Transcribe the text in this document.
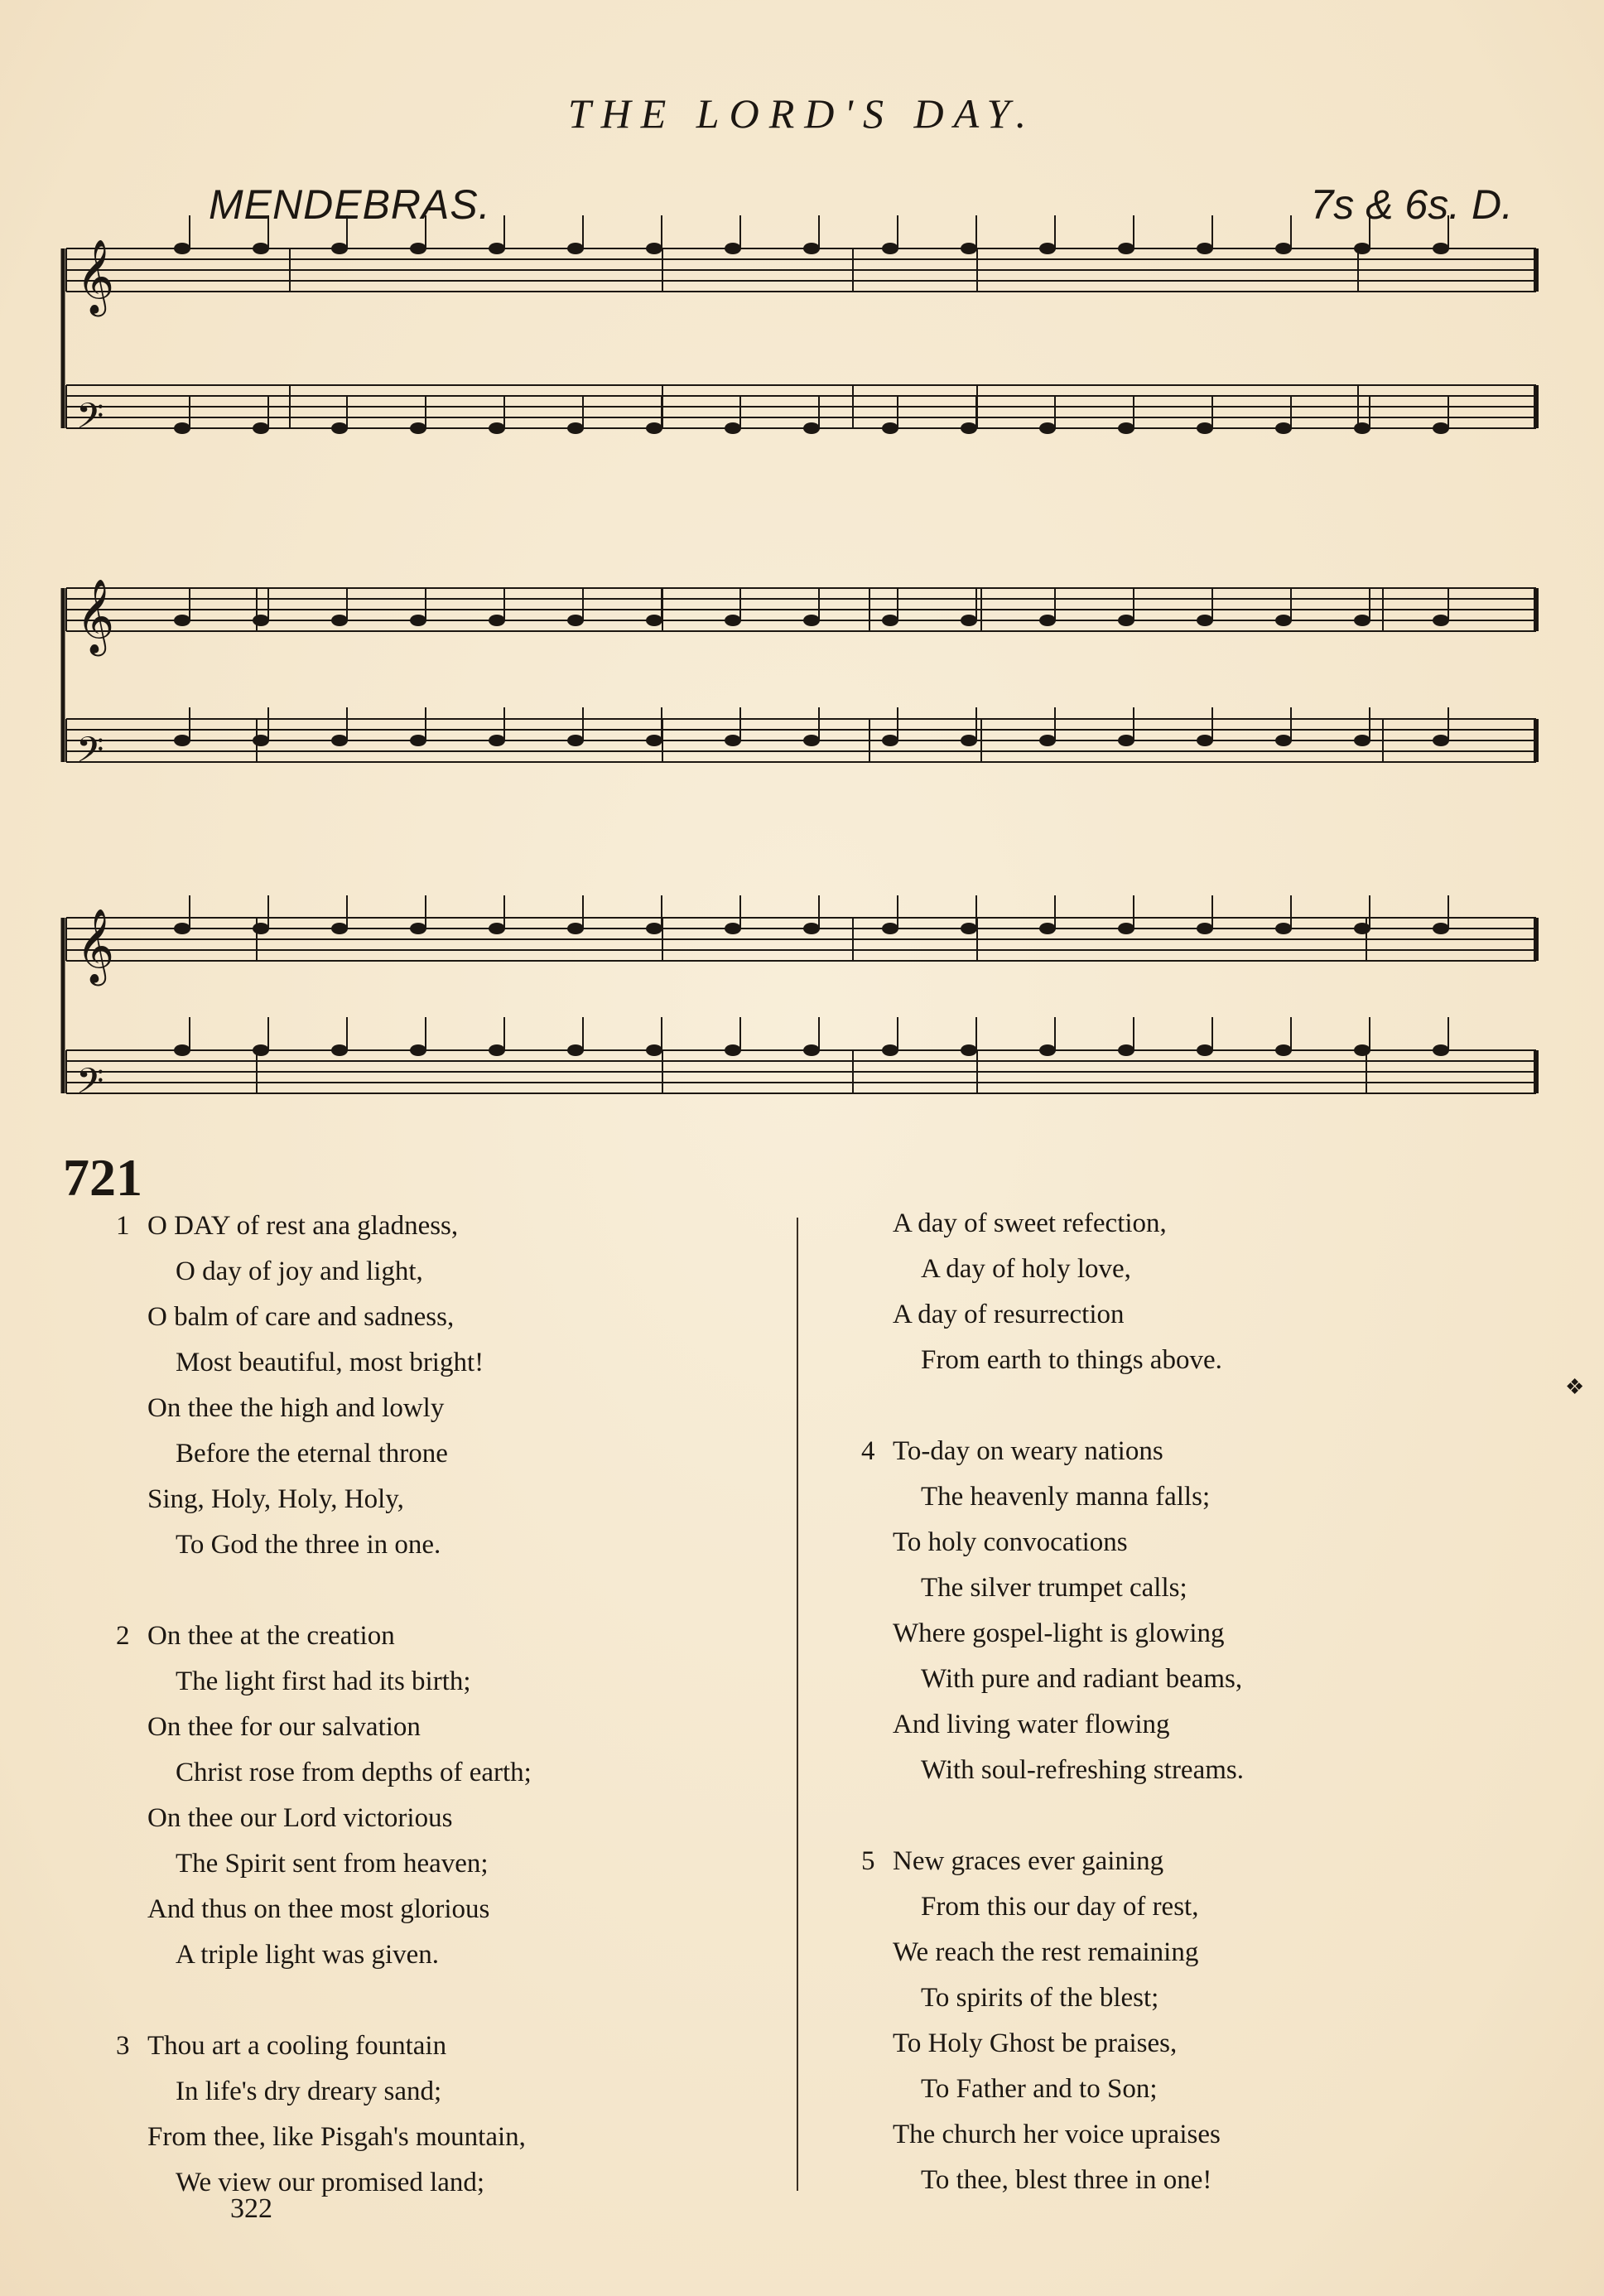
THE LORD'S DAY.
MENDEBRAS.	7s & 6s. D.
𝄞
𝄢
𝄞
𝄢
𝄞
𝄢
721
1 O DAY of rest ana gladness,
O day of joy and light,
O balm of care and sadness,
Most beautiful, most bright!
On thee the high and lowly
Before the eternal throne
Sing, Holy, Holy, Holy,
To God the three in one.
2 On thee at the creation
The light first had its birth;
On thee for our salvation
Christ rose from depths of earth;
On thee our Lord victorious
The Spirit sent from heaven;
And thus on thee most glorious
A triple light was given.
3 Thou art a cooling fountain
In life's dry dreary sand;
From thee, like Pisgah's mountain,
We view our promised land;
A day of sweet refection,
A day of holy love,
A day of resurrection
From earth to things above.
4 To-day on weary nations
The heavenly manna falls;
To holy convocations
The silver trumpet calls;
Where gospel-light is glowing
With pure and radiant beams,
And living water flowing
With soul-refreshing streams.
5 New graces ever gaining
From this our day of rest,
We reach the rest remaining
To spirits of the blest;
To Holy Ghost be praises,
To Father and to Son;
The church her voice upraises
To thee, blest three in one!
322
❖
